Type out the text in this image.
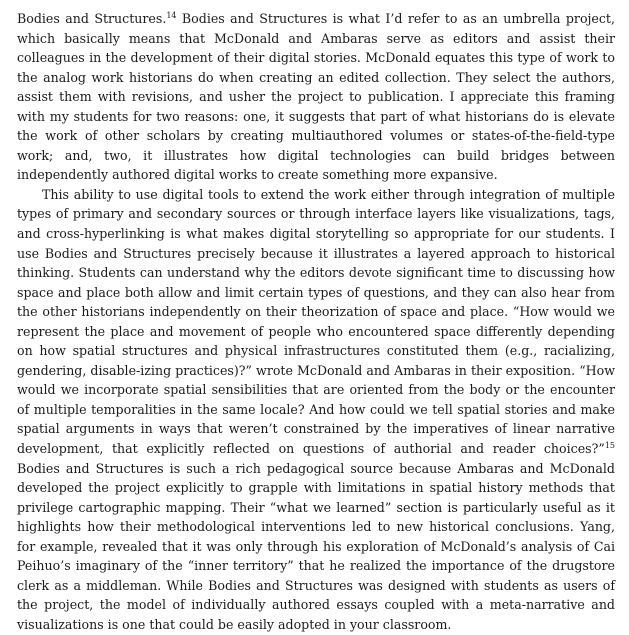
Bodies and Structures.$^{14}$ Bodies and Structures is what I’d refer to as an umbrella project, which basically means that McDonald and Ambaras serve as editors and assist their colleagues in the development of their digital stories. McDonald equates this type of work to the analog work historians do when creating an edited collection. They select the authors, assist them with revisions, and usher the project to publication. I appreciate this framing with my students for two reasons: one, it suggests that part of what historians do is elevate the work of other scholars by creating multiauthored volumes or states-of-the-field-type work; and, two, it illustrates how digital technologies can build bridges between independently authored digital works to create something more expansive.

This ability to use digital tools to extend the work either through integration of multiple types of primary and secondary sources or through interface layers like visualizations, tags, and cross-hyperlinking is what makes digital storytelling so appropriate for our students. I use Bodies and Structures precisely because it illustrates a layered approach to historical thinking. Students can understand why the editors devote significant time to discussing how space and place both allow and limit certain types of questions, and they can also hear from the other historians independently on their theorization of space and place. “How would we represent the place and movement of people who encountered space differently depending on how spatial structures and physical infrastructures constituted them (e.g., racializing, gendering, disable-izing practices)?” wrote McDonald and Ambaras in their exposition. “How would we incorporate spatial sensibilities that are oriented from the body or the encounter of multiple temporalities in the same locale? And how could we tell spatial stories and make spatial arguments in ways that weren’t constrained by the imperatives of linear narrative development, that explicitly reflected on questions of authorial and reader choices?”$^{15}$ Bodies and Structures is such a rich pedagogical source because Ambaras and McDonald developed the project explicitly to grapple with limitations in spatial history methods that privilege cartographic mapping. Their “what we learned” section is particularly useful as it highlights how their methodological interventions led to new historical conclusions. Yang, for example, revealed that it was only through his exploration of McDonald’s analysis of Cai Peihuo’s imaginary of the “inner territory” that he realized the importance of the drugstore clerk as a middleman. While Bodies and Structures was designed with students as users of the project, the model of individually authored essays coupled with a meta-narrative and visualizations is one that could be easily adopted in your classroom.
